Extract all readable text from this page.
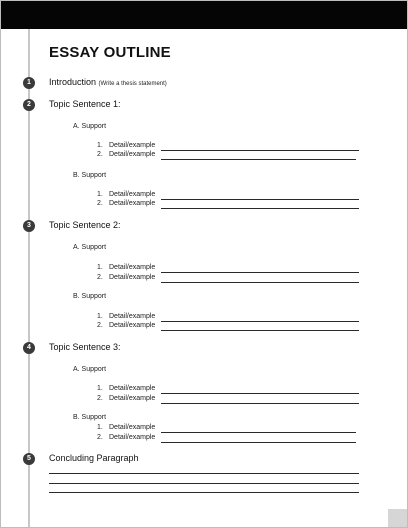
ESSAY OUTLINE
1	Introduction (Write a thesis statement)
2	Topic Sentence 1:
A. Support
1. Detail/example
2. Detail/example
B. Support
1. Detail/example
2. Detail/example
3	Topic Sentence 2:
A. Support
1. Detail/example
2. Detail/example
B. Support
1. Detail/example
2. Detail/example
4	Topic Sentence 3:
A. Support
1. Detail/example
2. Detail/example
B. Support
1. Detail/example
2. Detail/example
5	Concluding Paragraph
